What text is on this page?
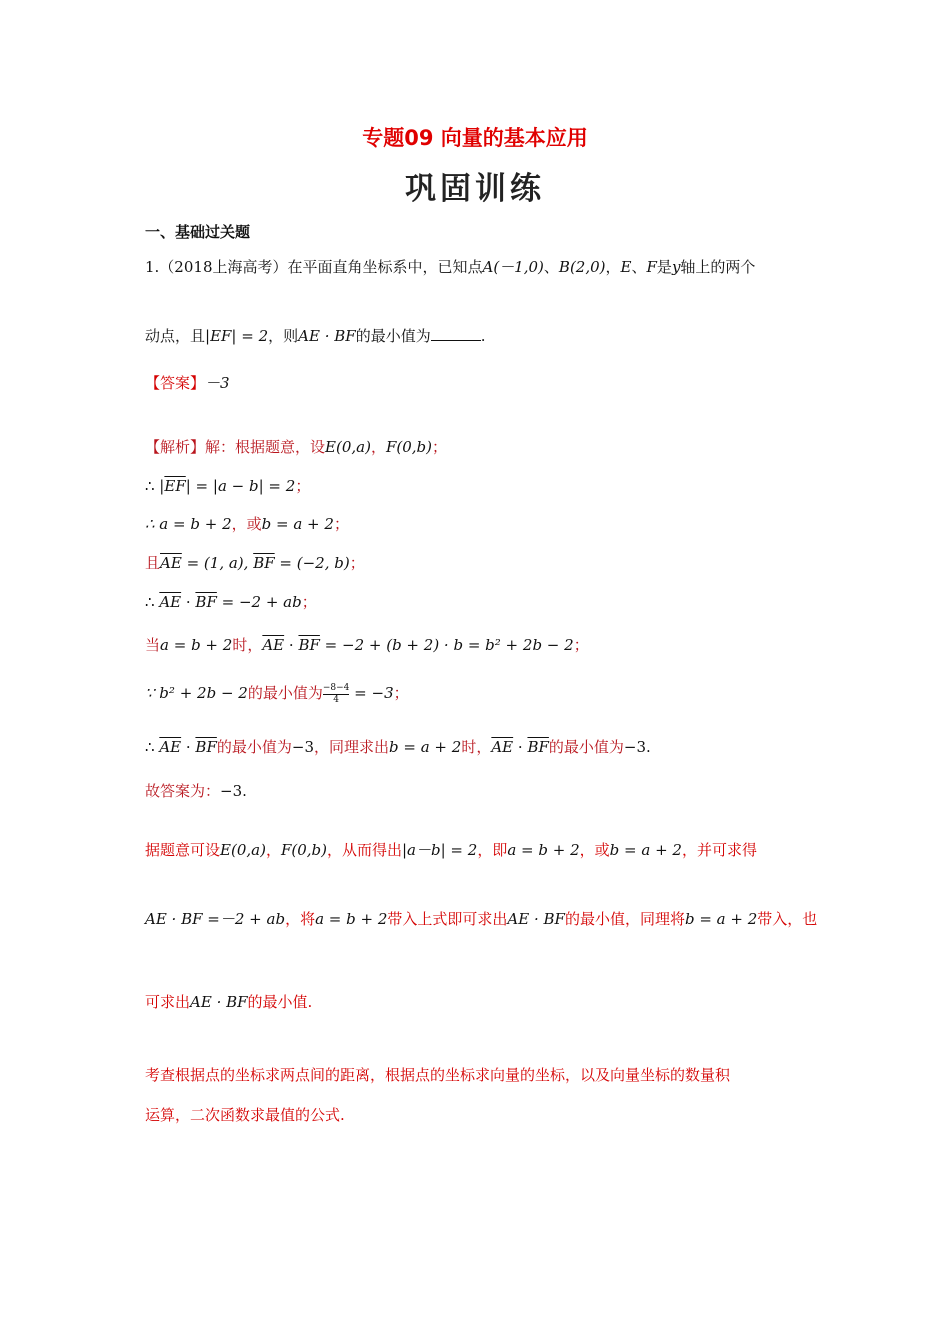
专题09 向量的基本应用
巩固训练
一、基础过关题
1.（2018上海高考）在平面直角坐标系中，已知点A(－1,0)、B(2,0)，E、F是y轴上的两个
动点，且|EF| = 2，则AE · BF的最小值为	.
【答案】－3
【解析】解：根据题意，设E(0,a)，F(0,b)；
∴ $|\overline{EF}| = |a - b| = 2$；
∴ a = b + 2，或b = a + 2；
且$\overline{AE} = (1$, a), $\overline{BF} = (-2$, b)；
∴ $\overline{AE} \cdot \overline{BF} = -2$ + ab；
当a = b + 2时，$\overline{AE} \cdot \overline{BF} = -2 + (b + 2) \cdot b = b^2 + 2b - 2$；
∵ b² + 2b − 2的最小值为 $\frac{-8-4}{4} = -3$；
∴ $\overline{AE} \cdot \overline{BF}$的最小值为−3，同理求出b = a + 2时，$\overline{AE} \cdot \overline{BF}$的最小值为−3.
故答案为：−3.
据题意可设E(0,a)，F(0,b)，从而得出|a－b| = 2，即a = b + 2，或b = a + 2，并可求得
AE · BF =－2 + ab，将a = b + 2带入上式即可求出AE · BF的最小值，同理将b = a + 2带入，也
可求出AE · BF的最小值.
考查根据点的坐标求两点间的距离，根据点的坐标求向量的坐标，以及向量坐标的数量积
运算，二次函数求最值的公式.
